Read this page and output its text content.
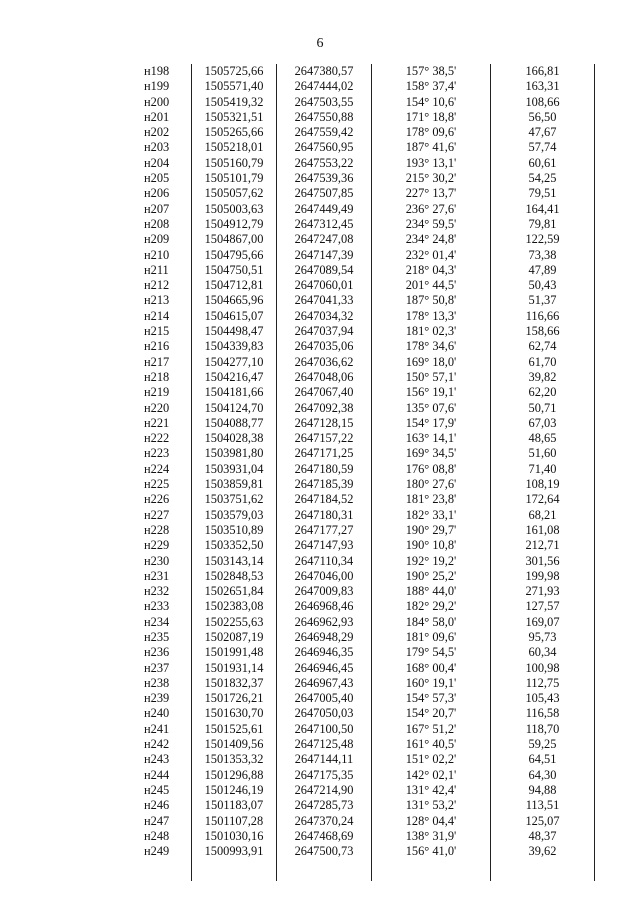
6
н198	1505725,66	2647380,57	157° 38,5'	166,81
н199	1505571,40	2647444,02	158° 37,4'	163,31
н200	1505419,32	2647503,55	154° 10,6'	108,66
н201	1505321,51	2647550,88	171° 18,8'	56,50
н202	1505265,66	2647559,42	178° 09,6'	47,67
н203	1505218,01	2647560,95	187° 41,6'	57,74
н204	1505160,79	2647553,22	193° 13,1'	60,61
н205	1505101,79	2647539,36	215° 30,2'	54,25
н206	1505057,62	2647507,85	227° 13,7'	79,51
н207	1505003,63	2647449,49	236° 27,6'	164,41
н208	1504912,79	2647312,45	234° 59,5'	79,81
н209	1504867,00	2647247,08	234° 24,8'	122,59
н210	1504795,66	2647147,39	232° 01,4'	73,38
н211	1504750,51	2647089,54	218° 04,3'	47,89
н212	1504712,81	2647060,01	201° 44,5'	50,43
н213	1504665,96	2647041,33	187° 50,8'	51,37
н214	1504615,07	2647034,32	178° 13,3'	116,66
н215	1504498,47	2647037,94	181° 02,3'	158,66
н216	1504339,83	2647035,06	178° 34,6'	62,74
н217	1504277,10	2647036,62	169° 18,0'	61,70
н218	1504216,47	2647048,06	150° 57,1'	39,82
н219	1504181,66	2647067,40	156° 19,1'	62,20
н220	1504124,70	2647092,38	135° 07,6'	50,71
н221	1504088,77	2647128,15	154° 17,9'	67,03
н222	1504028,38	2647157,22	163° 14,1'	48,65
н223	1503981,80	2647171,25	169° 34,5'	51,60
н224	1503931,04	2647180,59	176° 08,8'	71,40
н225	1503859,81	2647185,39	180° 27,6'	108,19
н226	1503751,62	2647184,52	181° 23,8'	172,64
н227	1503579,03	2647180,31	182° 33,1'	68,21
н228	1503510,89	2647177,27	190° 29,7'	161,08
н229	1503352,50	2647147,93	190° 10,8'	212,71
н230	1503143,14	2647110,34	192° 19,2'	301,56
н231	1502848,53	2647046,00	190° 25,2'	199,98
н232	1502651,84	2647009,83	188° 44,0'	271,93
н233	1502383,08	2646968,46	182° 29,2'	127,57
н234	1502255,63	2646962,93	184° 58,0'	169,07
н235	1502087,19	2646948,29	181° 09,6'	95,73
н236	1501991,48	2646946,35	179° 54,5'	60,34
н237	1501931,14	2646946,45	168° 00,4'	100,98
н238	1501832,37	2646967,43	160° 19,1'	112,75
н239	1501726,21	2647005,40	154° 57,3'	105,43
н240	1501630,70	2647050,03	154° 20,7'	116,58
н241	1501525,61	2647100,50	167° 51,2'	118,70
н242	1501409,56	2647125,48	161° 40,5'	59,25
н243	1501353,32	2647144,11	151° 02,2'	64,51
н244	1501296,88	2647175,35	142° 02,1'	64,30
н245	1501246,19	2647214,90	131° 42,4'	94,88
н246	1501183,07	2647285,73	131° 53,2'	113,51
н247	1501107,28	2647370,24	128° 04,4'	125,07
н248	1501030,16	2647468,69	138° 31,9'	48,37
н249	1500993,91	2647500,73	156° 41,0'	39,62
